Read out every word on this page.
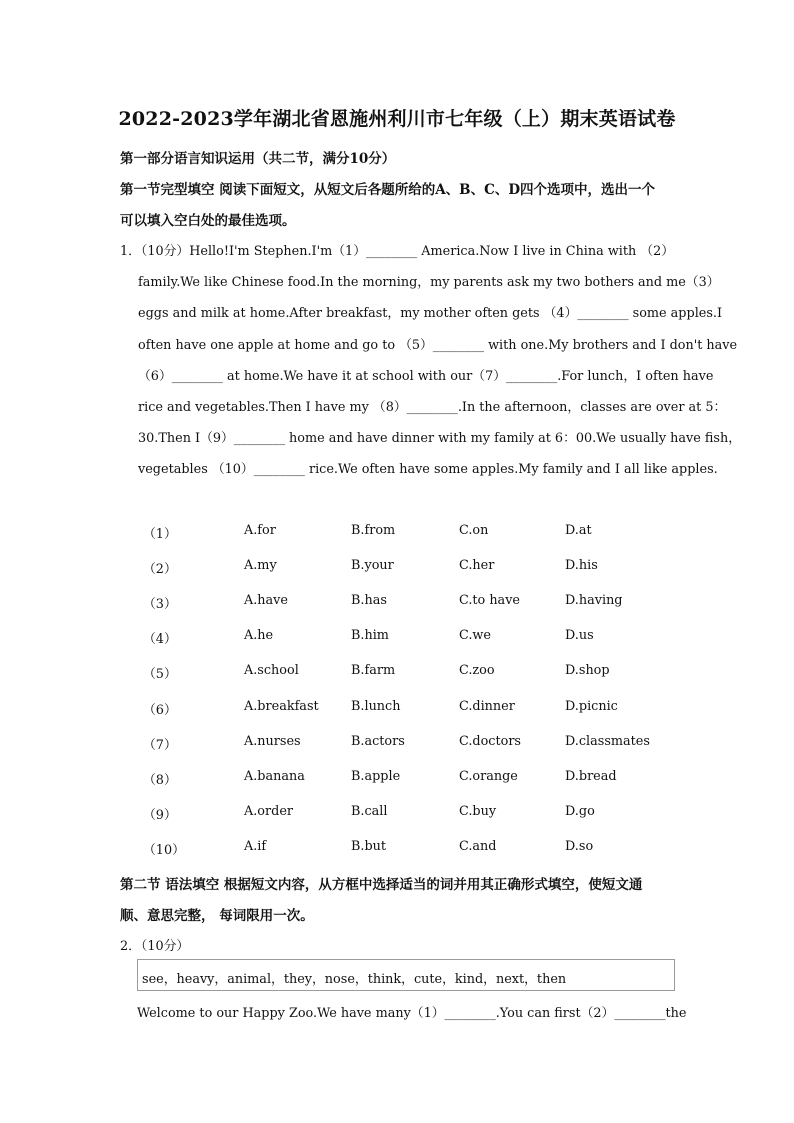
2022-2023学年湖北省恩施州利川市七年级（上）期末英语试卷
第一部分语言知识运用（共二节，满分10分）
第一节完型填空 阅读下面短文，从短文后各题所给的A、B、C、D四个选项中，选出一个
可以填入空白处的最佳选项。
1．（10分）Hello!I'm Stephen.I'm（1）________ America.Now I live in China with （2）
family.We like Chinese food.In the morning，my parents ask my two bothers and me（3）
eggs and milk at home.After breakfast，my mother often gets （4）________ some apples.I
often have one apple at home and go to （5）________ with one.My brothers and I don't have
（6）________ at home.We have it at school with our（7）________.For lunch，I often have
rice and vegetables.Then I have my （8）________.In the afternoon，classes are over at 5：
30.Then I（9）________ home and have dinner with my family at 6：00.We usually have fish，
vegetables （10）________ rice.We often have some apples.My family and I all like apples.
（1）	A.for	B.from	C.on	D.at
（2）	A.my	B.your	C.her	D.his
（3）	A.have	B.has	C.to have	D.having
（4）	A.he	B.him	C.we	D.us
（5）	A.school	B.farm	C.zoo	D.shop
（6）	A.breakfast	B.lunch	C.dinner	D.picnic
（7）	A.nurses	B.actors	C.doctors	D.classmates
（8）	A.banana	B.apple	C.orange	D.bread
（9）	A.order	B.call	C.buy	D.go
（10）	A.if	B.but	C.and	D.so
第二节 语法填空 根据短文内容，从方框中选择适当的词并用其正确形式填空，使短文通
顺、意思完整， 每词限用一次。
2．（10分）
see，heavy，animal，they，nose，think，cute，kind，next，then
Welcome to our Happy Zoo.We have many（1）________.You can first（2）________the
